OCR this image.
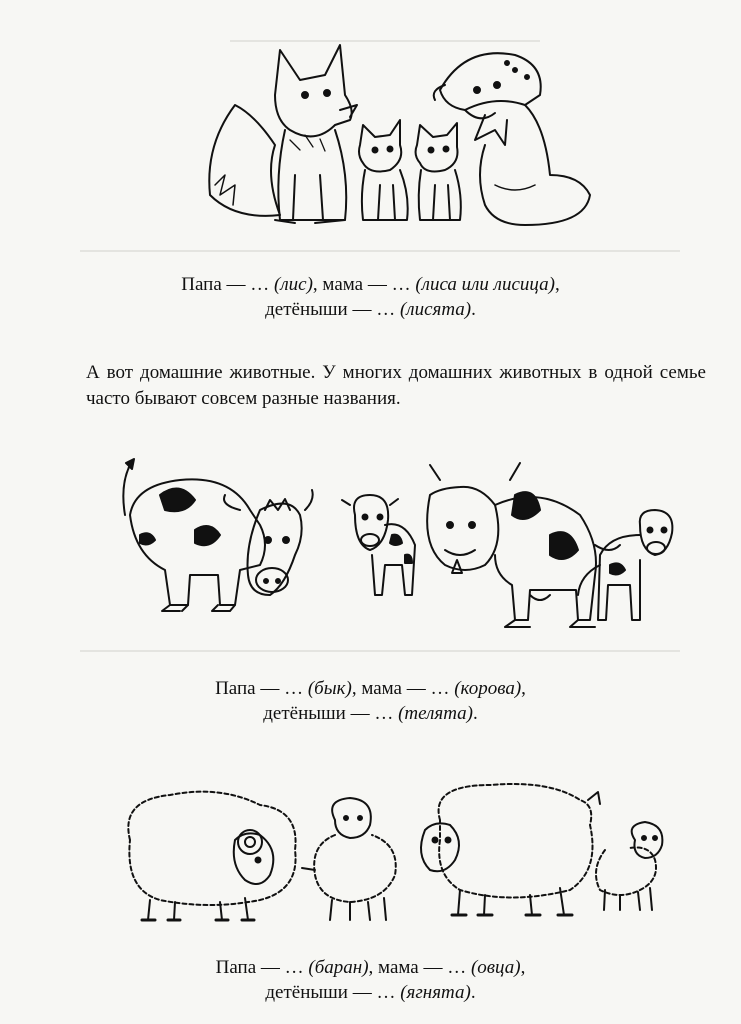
Папа — … (лис), мама — … (лиса или лисица),
детёныши — … (лисята).
А вот домашние животные. У многих домашних животных в одной семье часто бывают совсем разные названия.
Папа — … (бык), мама — … (корова),
детёныши — … (телята).
Папа — … (баран), мама — … (овца),
детёныши — … (ягнята).
